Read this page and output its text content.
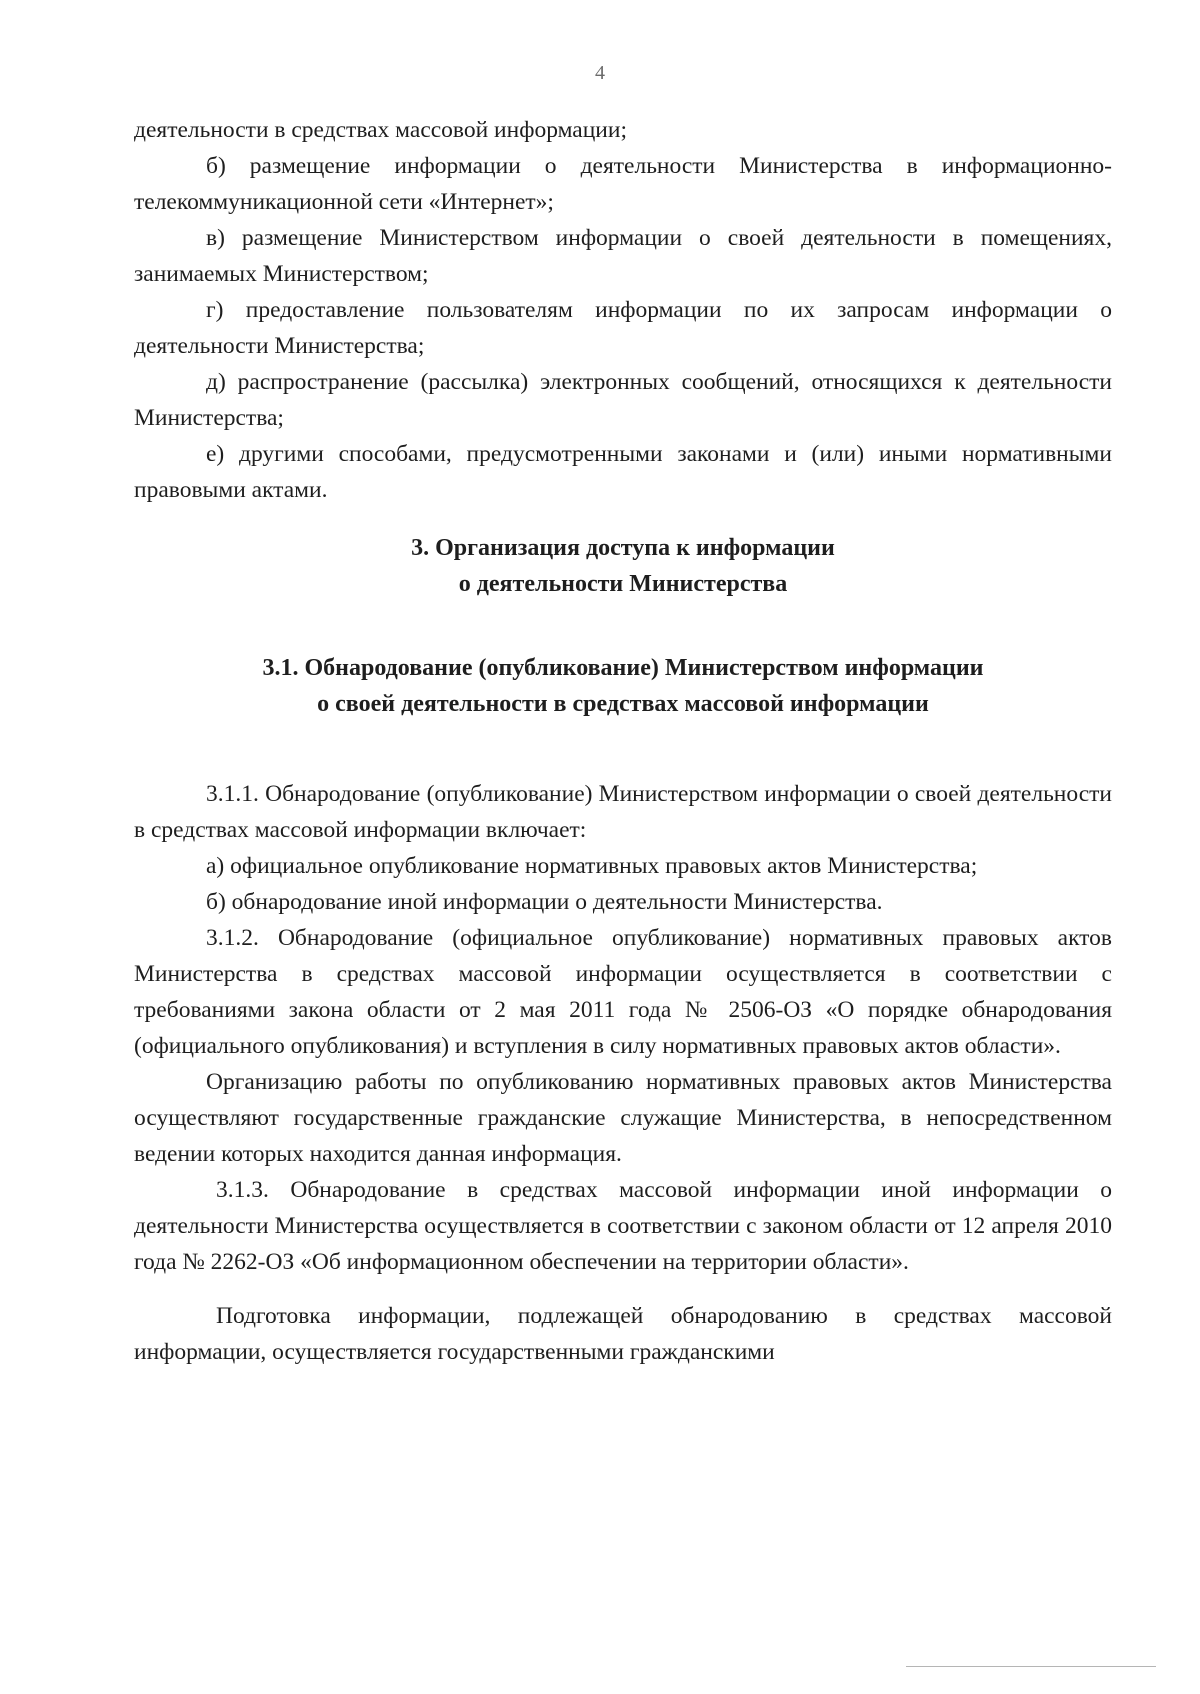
4

деятельности в средствах массовой информации;

б) размещение информации о деятельности Министерства в информационно-телекоммуникационной сети «Интернет»;

в) размещение Министерством информации о своей деятельности в помещениях, занимаемых Министерством;

г) предоставление пользователям информации по их запросам информации о деятельности Министерства;

д) распространение (рассылка) электронных сообщений, относящихся к деятельности Министерства;

е) другими способами, предусмотренными законами и (или) иными нормативными правовыми актами.

3. Организация доступа к информации
о деятельности Министерства
3.1. Обнародование (опубликование) Министерством информации
о своей деятельности в средствах массовой информации

3.1.1. Обнародование (опубликование) Министерством информации о своей деятельности в средствах массовой информации включает:

а) официальное опубликование нормативных правовых актов Министерства;

б) обнародование иной информации о деятельности Министерства.

3.1.2. Обнародование (официальное опубликование) нормативных правовых актов Министерства в средствах массовой информации осуществляется в соответствии с требованиями закона области от 2 мая 2011 года № 2506-ОЗ «О порядке обнародования (официального опубликования) и вступления в силу нормативных правовых актов области».

Организацию работы по опубликованию нормативных правовых актов Министерства осуществляют государственные гражданские служащие Министерства, в непосредственном ведении которых находится данная информация.

3.1.3. Обнародование в средствах массовой информации иной информации о деятельности Министерства осуществляется в соответствии с законом области от 12 апреля 2010 года № 2262-ОЗ «Об информационном обеспечении на территории области».

Подготовка информации, подлежащей обнародованию в средствах массовой информации, осуществляется государственными гражданскими
